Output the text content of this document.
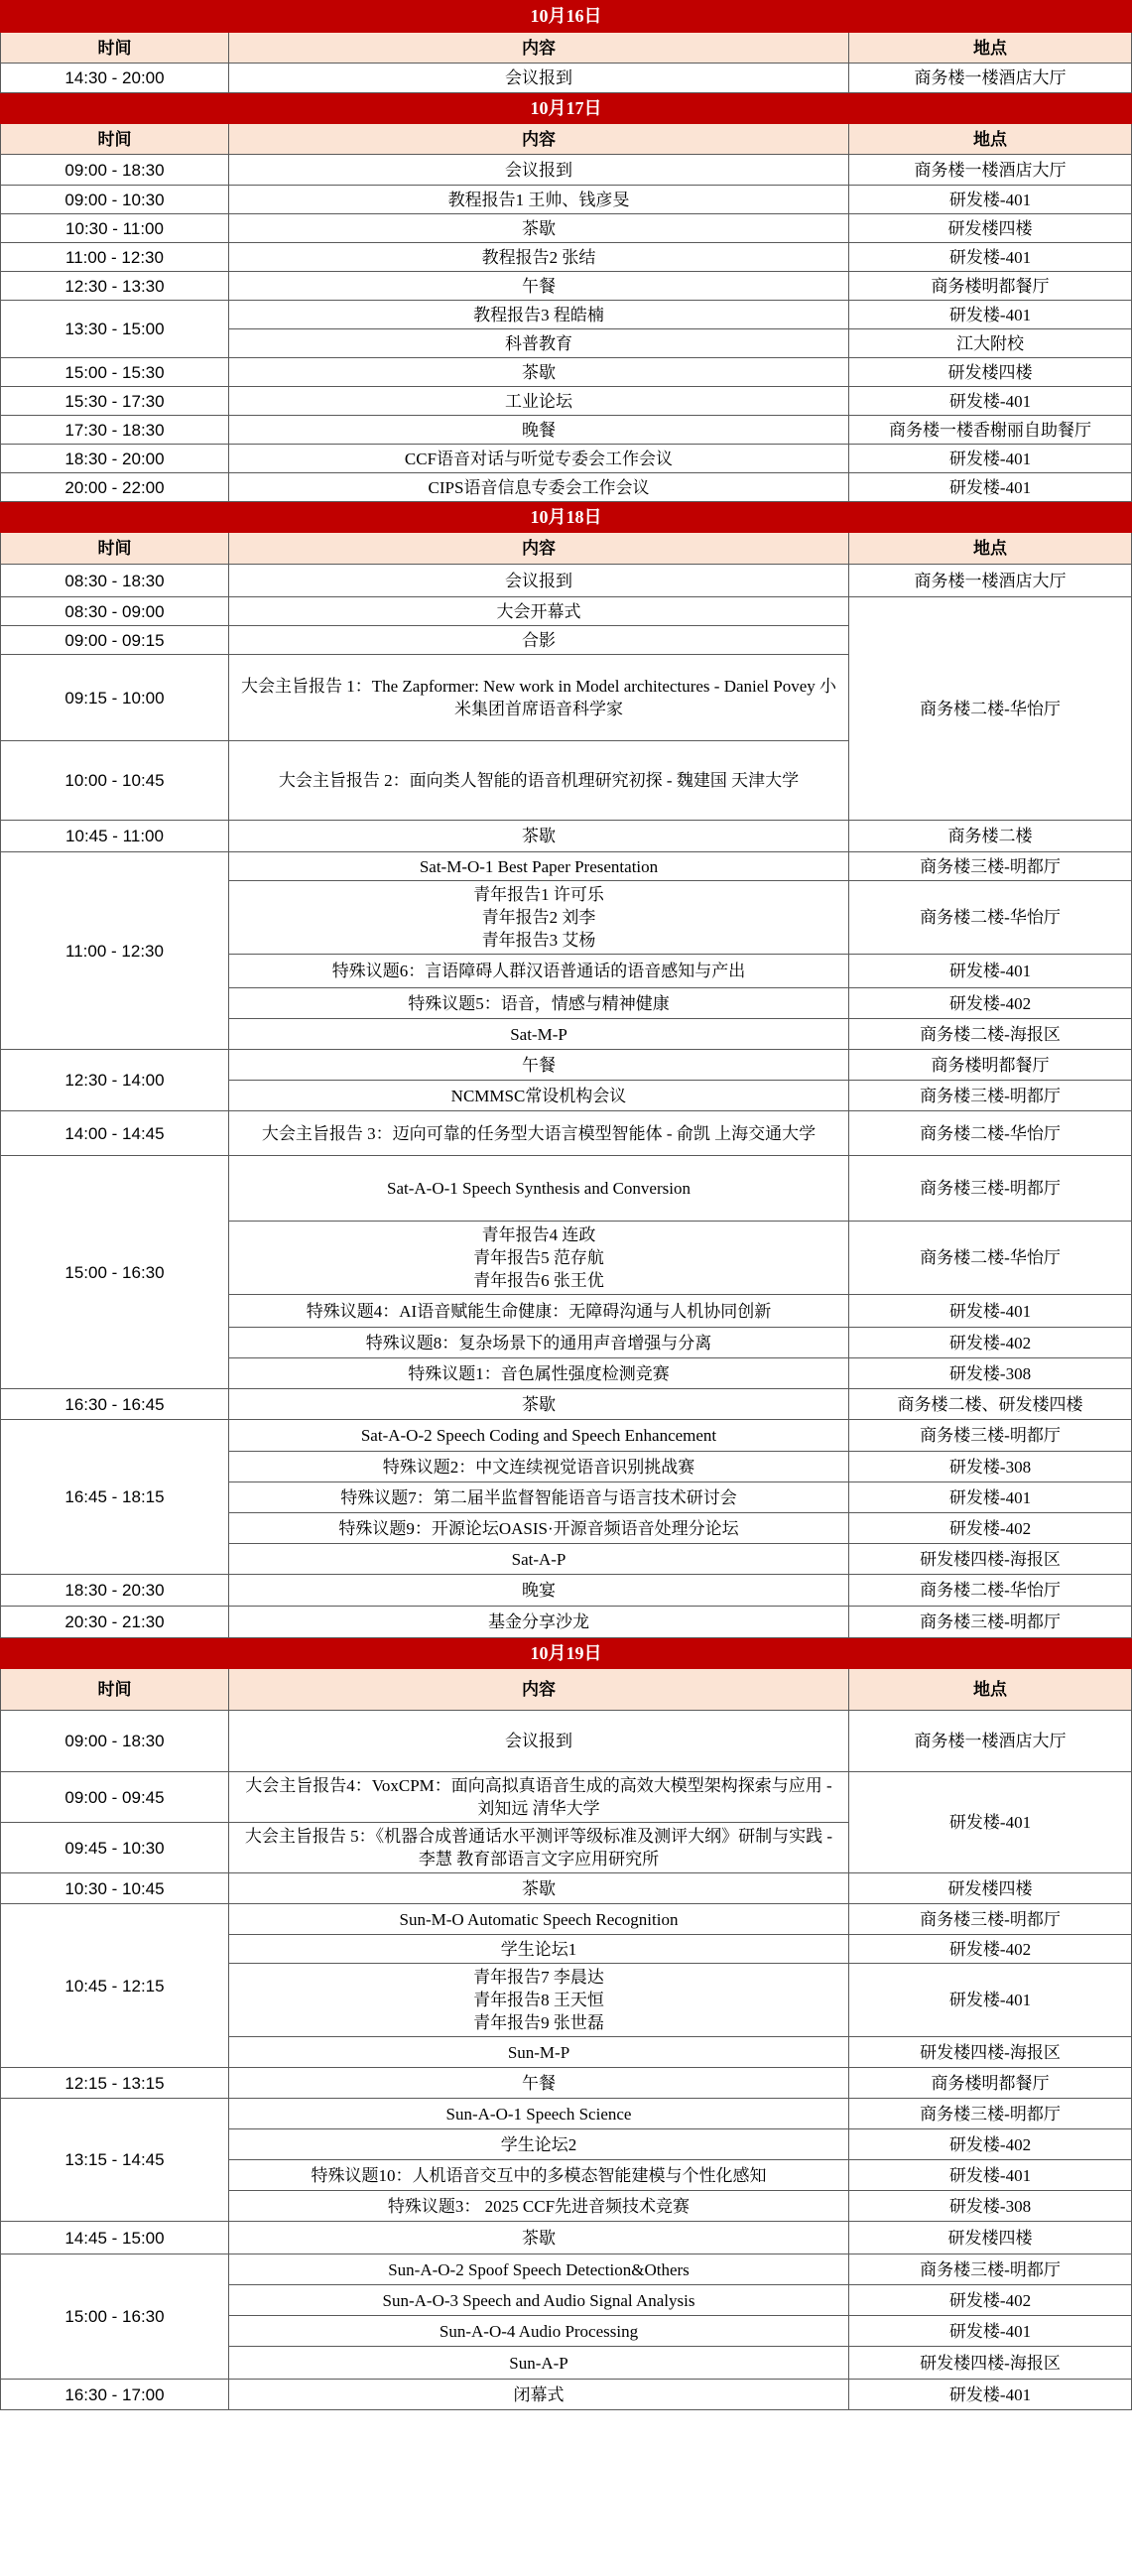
10月16日		
时间	内容	地点
14:30 - 20:00	会议报到	商务楼一楼酒店大厅
10月17日		
时间	内容	地点
09:00 - 18:30	会议报到	商务楼一楼酒店大厅
09:00 - 10:30	教程报告1 王帅、钱彦旻	研发楼-401
10:30 - 11:00	茶歇	研发楼四楼
11:00 - 12:30	教程报告2 张结	研发楼-401
12:30 - 13:30	午餐	商务楼明都餐厅
13:30 - 15:00	教程报告3 程皓楠	研发楼-401
	科普教育	江大附校
15:00 - 15:30	茶歇	研发楼四楼
15:30 - 17:30	工业论坛	研发楼-401
17:30 - 18:30	晚餐	商务楼一楼香榭丽自助餐厅
18:30 - 20:00	CCF语音对话与听觉专委会工作会议	研发楼-401
20:00 - 22:00	CIPS语音信息专委会工作会议	研发楼-401
10月18日		
时间	内容	地点
08:30 - 18:30	会议报到	商务楼一楼酒店大厅
08:30 - 09:00	大会开幕式	商务楼二楼-华怡厅
09:00 - 09:15	合影	
09:15 - 10:00	大会主旨报告 1：The Zapformer: New work in Model architectures - Daniel Povey 小米集团首席语音科学家	
10:00 - 10:45	大会主旨报告 2：面向类人智能的语音机理研究初探 - 魏建国 天津大学	
10:45 - 11:00	茶歇	商务楼二楼
11:00 - 12:30	Sat-M-O-1 Best Paper Presentation	商务楼三楼-明都厅

	青年报告1 许可乐
青年报告2 刘李
青年报告3 艾杨	商务楼二楼-华怡厅
	特殊议题6：言语障碍人群汉语普通话的语音感知与产出	研发楼-401
	特殊议题5：语音，情感与精神健康	研发楼-402
	Sat-M-P	商务楼二楼-海报区
12:30 - 14:00	午餐	商务楼明都餐厅
	NCMMSC常设机构会议	商务楼三楼-明都厅
14:00 - 14:45	大会主旨报告 3：迈向可靠的任务型大语言模型智能体 - 俞凯 上海交通大学	商务楼二楼-华怡厅
15:00 - 16:30	Sat-A-O-1 Speech Synthesis and Conversion	商务楼三楼-明都厅

	青年报告4 连政
青年报告5 范存航
青年报告6 张王优	商务楼二楼-华怡厅
	特殊议题4：AI语音赋能生命健康：无障碍沟通与人机协同创新	研发楼-401
	特殊议题8：复杂场景下的通用声音增强与分离	研发楼-402
	特殊议题1：音色属性强度检测竞赛	研发楼-308
16:30 - 16:45	茶歇	商务楼二楼、研发楼四楼
16:45 - 18:15	Sat-A-O-2 Speech Coding and Speech Enhancement	商务楼三楼-明都厅
	特殊议题2：中文连续视觉语音识别挑战赛	研发楼-308
	特殊议题7：第二届半监督智能语音与语言技术研讨会	研发楼-401
	特殊议题9：开源论坛OASIS·开源音频语音处理分论坛	研发楼-402
	Sat-A-P	研发楼四楼-海报区
18:30 - 20:30	晚宴	商务楼二楼-华怡厅
20:30 - 21:30	基金分享沙龙	商务楼三楼-明都厅
10月19日		
时间	内容	地点
09:00 - 18:30	会议报到	商务楼一楼酒店大厅
09:00 - 09:45	大会主旨报告4：VoxCPM：面向高拟真语音生成的高效大模型架构探索与应用 - 刘知远 清华大学	研发楼-401
09:45 - 10:30	大会主旨报告 5：《机器合成普通话水平测评等级标准及测评大纲》研制与实践 - 李慧 教育部语言文字应用研究所	
10:30 - 10:45	茶歇	研发楼四楼
10:45 - 12:15	Sun-M-O Automatic Speech Recognition	商务楼三楼-明都厅
	学生论坛1	研发楼-402

	青年报告7 李晨达
青年报告8 王天恒
青年报告9 张世磊	研发楼-401
	Sun-M-P	研发楼四楼-海报区
12:15 - 13:15	午餐	商务楼明都餐厅
13:15 - 14:45	Sun-A-O-1 Speech Science	商务楼三楼-明都厅
	学生论坛2	研发楼-402
	特殊议题10：人机语音交互中的多模态智能建模与个性化感知	研发楼-401
	特殊议题3： 2025 CCF先进音频技术竞赛	研发楼-308
14:45 - 15:00	茶歇	研发楼四楼
15:00 - 16:30	Sun-A-O-2 Spoof Speech Detection&Others	商务楼三楼-明都厅
	Sun-A-O-3 Speech and Audio Signal Analysis	研发楼-402
	Sun-A-O-4 Audio Processing	研发楼-401
	Sun-A-P	研发楼四楼-海报区
16:30 - 17:00	闭幕式	研发楼-401
